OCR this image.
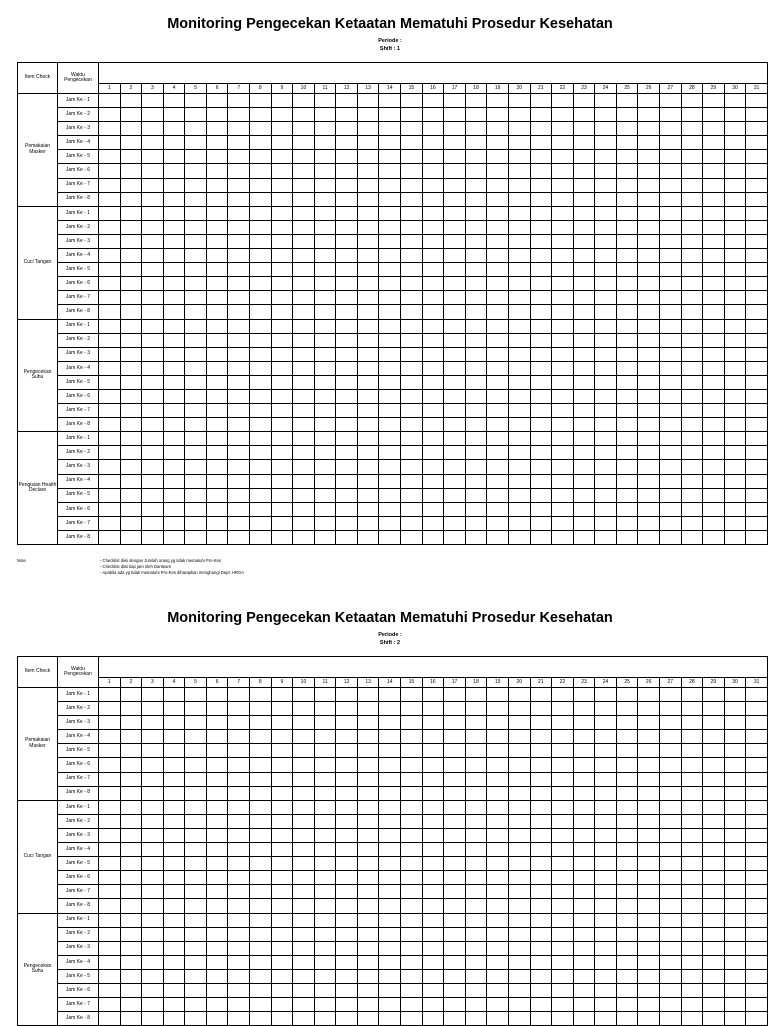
Monitoring Pengecekan Ketaatan Mematuhi Prosedur Kesehatan
Periode :
Shift : 1
Item Check	Waktu Pengecekan																															
		1	2	3	4	5	6	7	8	9	10	11	12	13	14	15	16	17	18	19	20	21	22	23	24	25	26	27	28	29	30	31
Pemakaian Masker	Jam Ke - 1																															
	Jam Ke - 2																															
	Jam Ke - 3																															
	Jam Ke - 4																															
	Jam Ke - 5																															
	Jam Ke - 6																															
	Jam Ke - 7																															
	Jam Ke - 8																															
Cuci Tangan	Jam Ke - 1																															
	Jam Ke - 2																															
	Jam Ke - 3																															
	Jam Ke - 4																															
	Jam Ke - 5																															
	Jam Ke - 6																															
	Jam Ke - 7																															
	Jam Ke - 8																															
Pengecekan Suhu	Jam Ke - 1																															
	Jam Ke - 2																															
	Jam Ke - 3																															
	Jam Ke - 4																															
	Jam Ke - 5																															
	Jam Ke - 6																															
	Jam Ke - 7																															
	Jam Ke - 8																															
Pengisian Health Declare	Jam Ke - 1																															
	Jam Ke - 2																															
	Jam Ke - 3																															
	Jam Ke - 4																															
	Jam Ke - 5																															
	Jam Ke - 6																															
	Jam Ke - 7																															
	Jam Ke - 8																															
Note	- Checklist diisi dengan Jumlah orang yg tidak mematuhi Pro-Kes
- Checklist diisi tiap jam oleh Danteam
- Apabila ada yg tidak mematuhi Pro-Kes diharapkan menghungi Dept. HRGA
Monitoring Pengecekan Ketaatan Mematuhi Prosedur Kesehatan
Periode :
Shift : 2
Item Check	Waktu Pengecekan																															
		1	2	3	4	5	6	7	8	9	10	11	12	13	14	15	16	17	18	19	20	21	22	23	24	25	26	27	28	29	30	31
Pemakaian Masker	Jam Ke - 1																															
	Jam Ke - 2																															
	Jam Ke - 3																															
	Jam Ke - 4																															
	Jam Ke - 5																															
	Jam Ke - 6																															
	Jam Ke - 7																															
	Jam Ke - 8																															
Cuci Tangan	Jam Ke - 1																															
	Jam Ke - 2																															
	Jam Ke - 3																															
	Jam Ke - 4																															
	Jam Ke - 5																															
	Jam Ke - 6																															
	Jam Ke - 7																															
	Jam Ke - 8																															
Pengecekan Suhu	Jam Ke - 1																															
	Jam Ke - 2																															
	Jam Ke - 3																															
	Jam Ke - 4																															
	Jam Ke - 5																															
	Jam Ke - 6																															
	Jam Ke - 7																															
	Jam Ke - 8																															
